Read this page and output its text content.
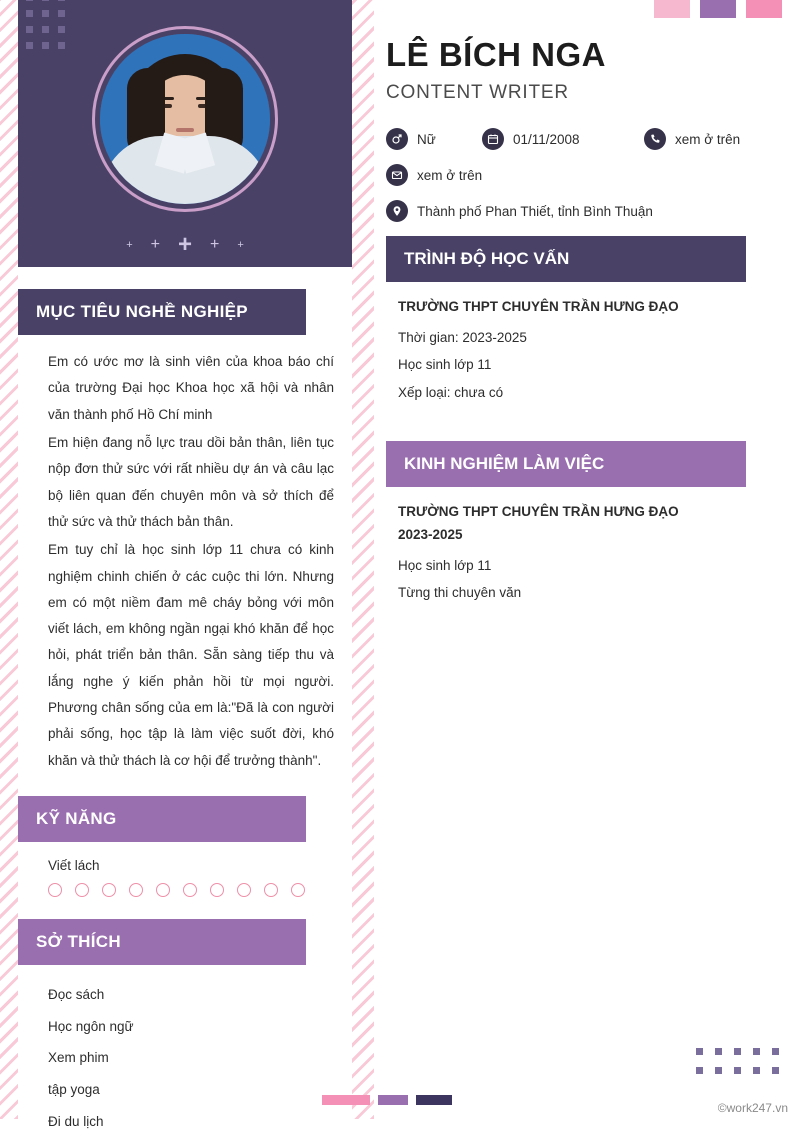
+ + + + +
MỤC TIÊU NGHỀ NGHIỆP

Em có ước mơ là sinh viên của khoa báo chí của trường Đại học Khoa học xã hội và nhân văn thành phố Hồ Chí minh

Em hiện đang nỗ lực trau dồi bản thân, liên tục nộp đơn thử sức với rất nhiều dự án và câu lạc bộ liên quan đến chuyên môn và sở thích để thử sức và thử thách bản thân.

Em tuy chỉ là học sinh lớp 11 chưa có kinh nghiệm chinh chiến ở các cuộc thi lớn. Nhưng em có một niềm đam mê cháy bỏng với môn viết lách, em không ngần ngại khó khăn để học hỏi, phát triển bản thân. Sẵn sàng tiếp thu và lắng nghe ý kiến phản hồi từ mọi người. Phương chân sống của em là:"Đã là con người phải sống, học tập là làm việc suốt đời, khó khăn và thử thách là cơ hội để trưởng thành".

KỸ NĂNG
Viết lách
SỞ THÍCH
Đọc sách
Học ngôn ngữ
Xem phim
tập yoga
Đi du lịch
LÊ BÍCH NGA
CONTENT WRITER
Nữ	01/11/2008	xem ở trên
xem ở trên
Thành phố Phan Thiết, tỉnh Bình Thuận
TRÌNH ĐỘ HỌC VẤN
TRƯỜNG THPT CHUYÊN TRẦN HƯNG ĐẠO
Thời gian: 2023-2025
Học sinh lớp 11
Xếp loại: chưa có
KINH NGHIỆM LÀM VIỆC
TRƯỜNG THPT CHUYÊN TRẦN HƯNG ĐẠO
2023-2025
Học sinh lớp 11
Từng thi chuyên văn
©work247.vn
